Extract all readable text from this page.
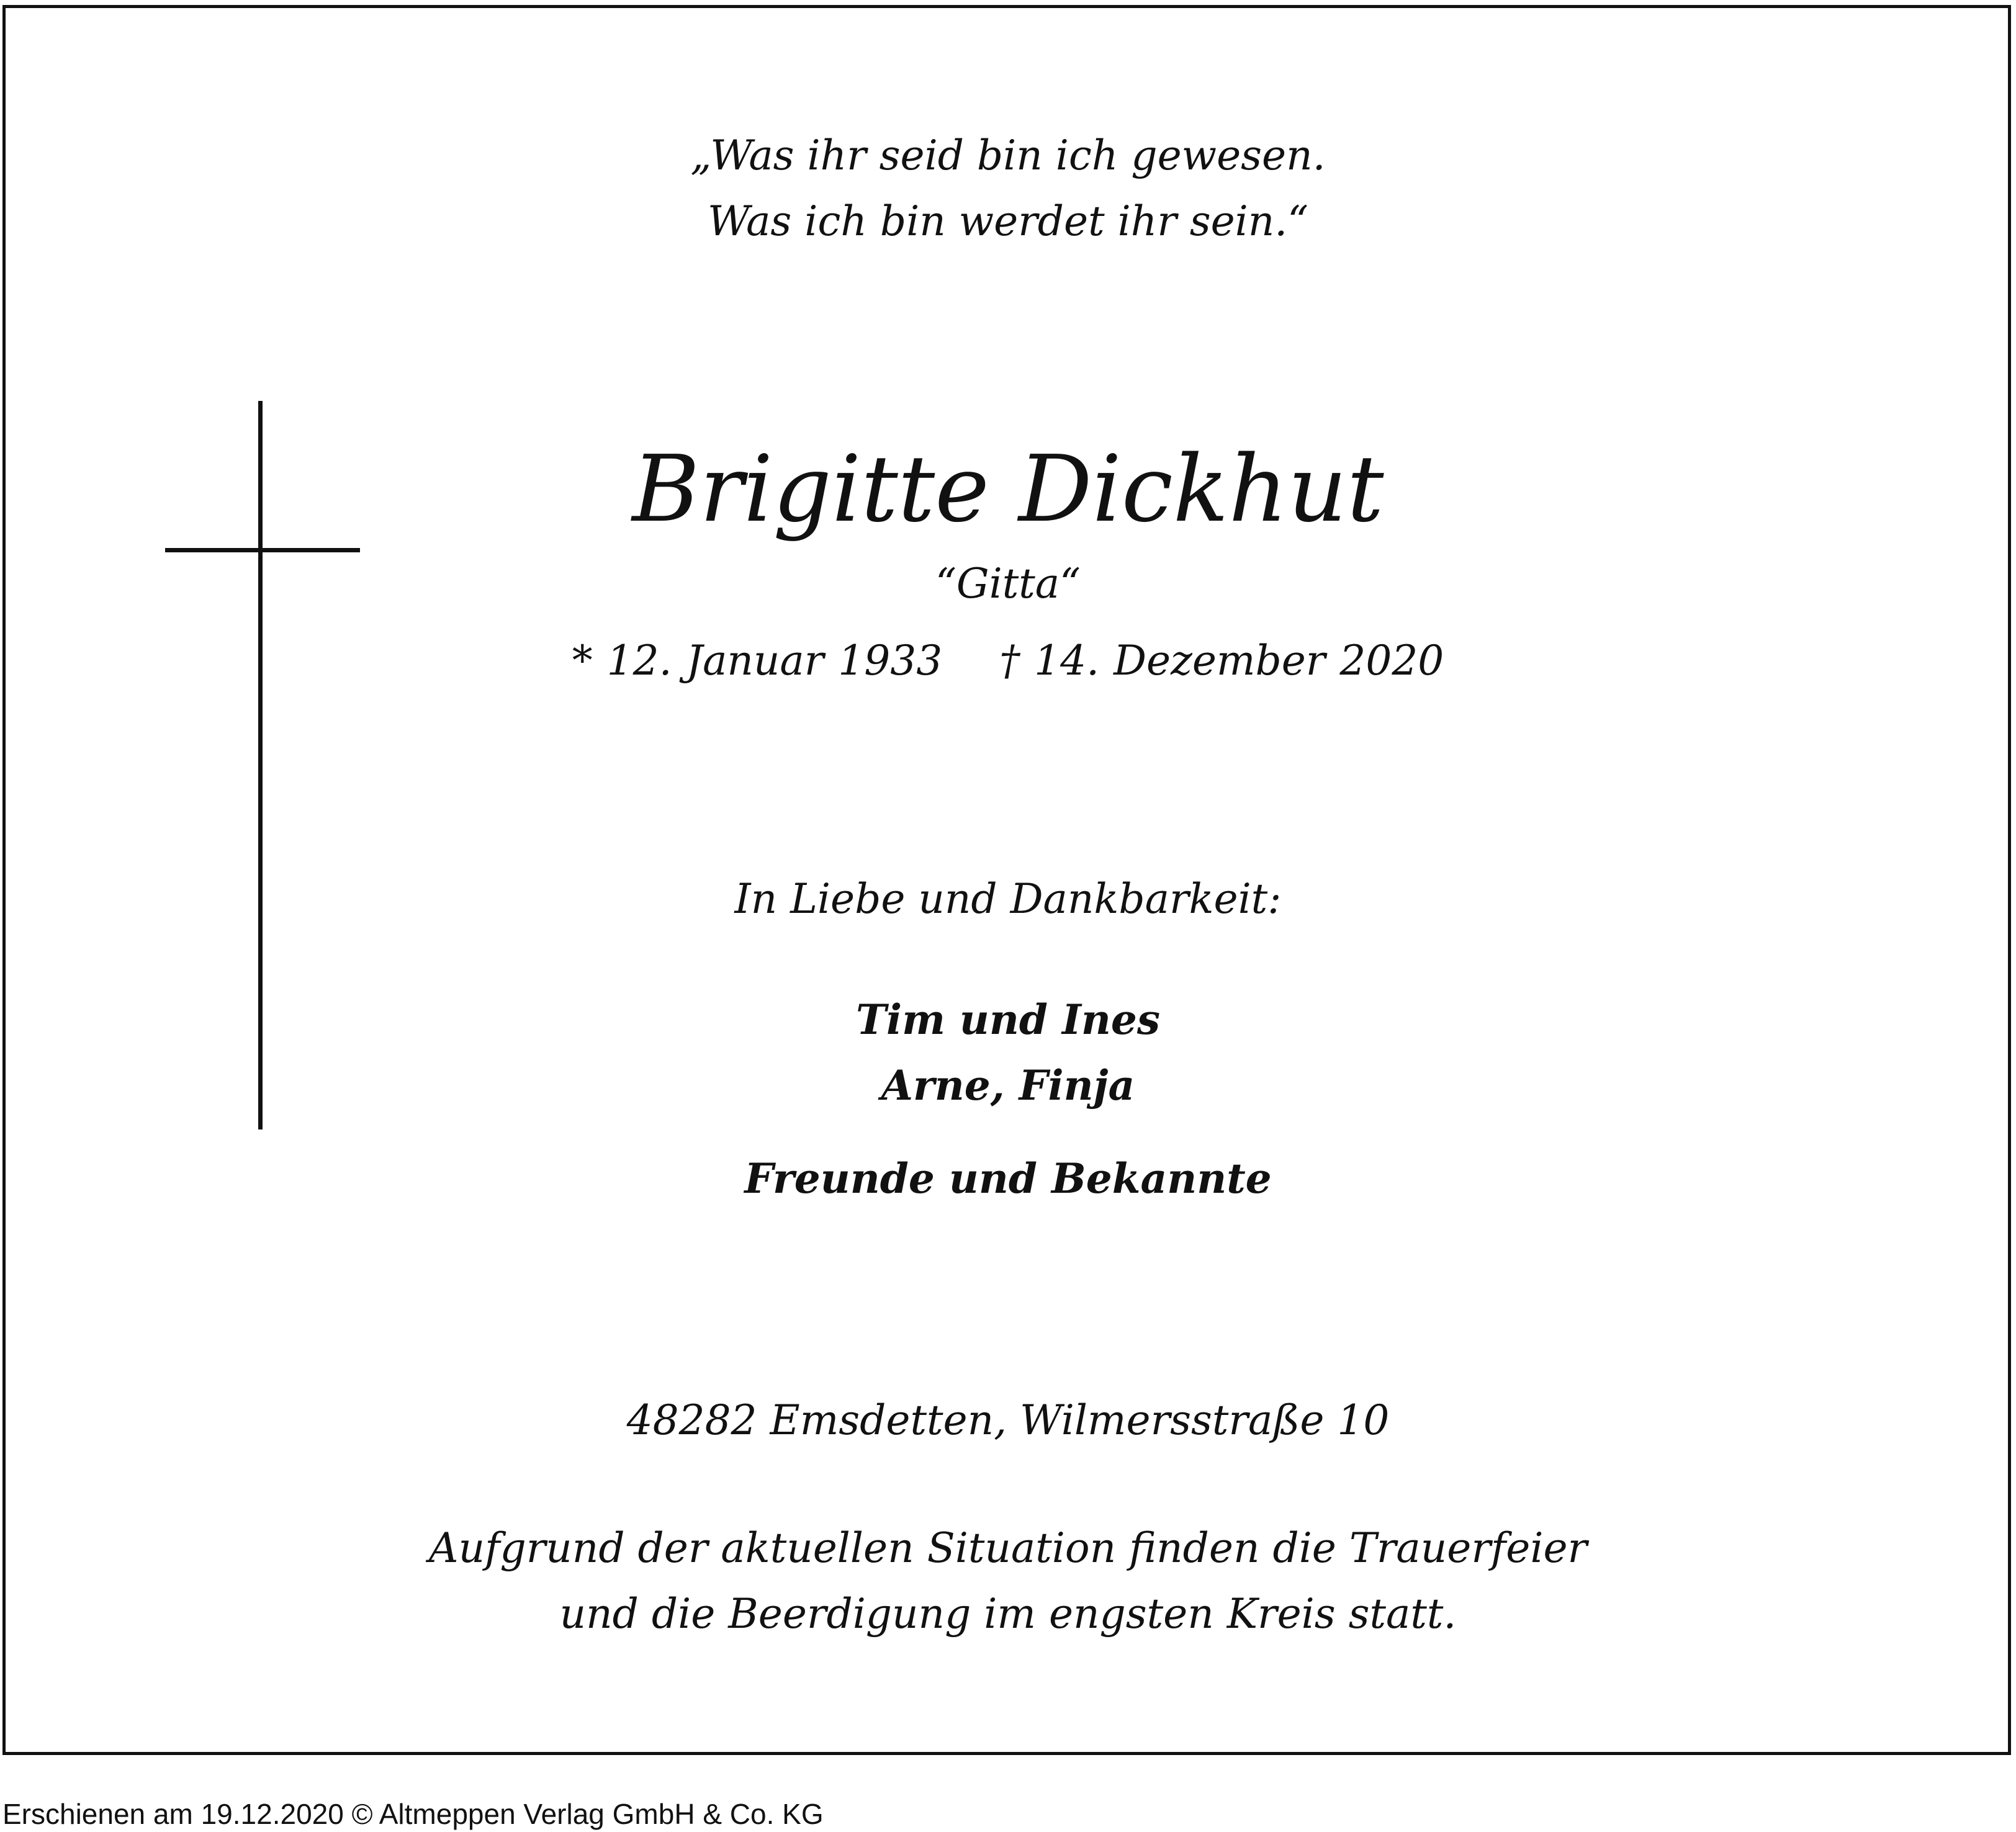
„Was ihr seid bin ich gewesen.
Was ich bin werdet ihr sein.“
Brigitte Dickhut
“Gitta“
* 12. Januar 1933    † 14. Dezember 2020
In Liebe und Dankbarkeit:
Tim und Ines
Arne, Finja
Freunde und Bekannte
48282 Emsdetten, Wilmersstraße 10
Aufgrund der aktuellen Situation finden die Trauerfeier
und die Beerdigung im engsten Kreis statt.
Erschienen am 19.12.2020 © Altmeppen Verlag GmbH & Co. KG
